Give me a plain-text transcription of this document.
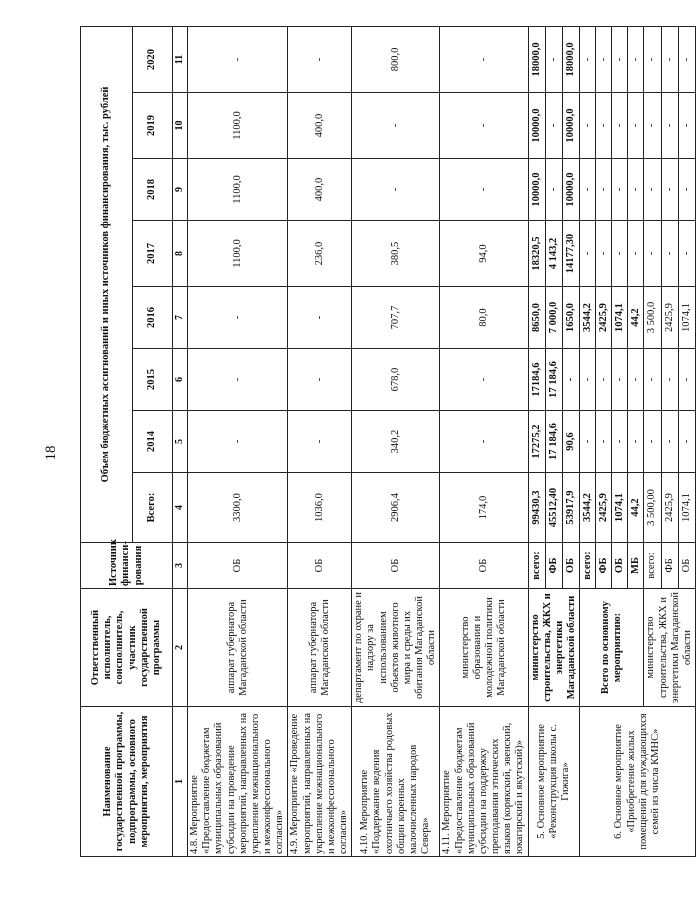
18
Наименование государственной программы, подпрограммы, основного мероприятия, мероприятия	Ответственный исполнитель, соисполнитель, участник государственной программы	Источник финанси-рования	Объем бюджетных ассигнований и иных источников финансирования, тыс. рублей							
			Всего:	2014	2015	2016	2017	2018	2019	2020
1	2	3	4	5	6	7	8	9	10	11
4.8. Мероприятие «Предоставление бюджетам муниципальных образований субсидии на проведение мероприятий, направленных на укрепление межнационального и межконфессионального согласия»	аппарат губернатора Магаданской области	ОБ	3300,0	-	-	-	1100,0	1100,0	1100,0	-
4.9. Мероприятие «Проведение мероприятий, направленных на укрепление межнационального и межконфессионального согласия»	аппарат губернатора Магаданской области	ОБ	1036,0	-	-	-	236,0	400,0	400,0	-
4.10. Мероприятие «Поддержание ведения охотничьего хозяйства родовых общин коренных малочисленных народов Севера»	департамент по охране и надзору за использованием объектов животного мира и среды их обитания Магаданской области	ОБ	2906,4	340,2	678,0	707,7	380,5	-	-	800,0
4.11. Мероприятие «Предоставление бюджетам муниципальных образований субсидии на поддержку преподавания этнических языков (корякский, эвенский, юкагирский и якутский)»	министерство образования и молодежной политики Магаданской области	ОБ	174,0	-	-	80,0	94,0	-	-	-
5. Основное мероприятие «Реконструкция школы с. Гижига»	министерство строительства, ЖКХ и энергетики Магаданской области	всего:	99430,3	17275,2	17184,6	8650,0	18320,5	10000,0	10000,0	18000,0
		ФБ	45512,40	17 184,6	17 184,6	7 000,0	4 143,2	-	-	-
		ОБ	53917,9	90,6	-	1650,0	14177,30	10000,0	10000,0	18000,0
6. Основное мероприятие «Приобретение жилых помещений для нуждающихся семей из числа КМНС»	Всего по основному мероприятию:	всего:	3544,2	-	-	3544,2	-	-	-	-
		ФБ	2425,9	-	-	2425,9	-	-	-	-
		ОБ	1074,1	-	-	1074,1	-	-	-	-
		МБ	44,2	-	-	44,2	-	-	-	-
	министерство строительства, ЖКХ и энергетики Магаданской области	всего:	3 500,00	-	-	3 500,0	-	-	-	-
		ФБ	2425,9	-	-	2425,9	-	-	-	-
		ОБ	1074,1	-	-	1074,1	-	-	-	-
